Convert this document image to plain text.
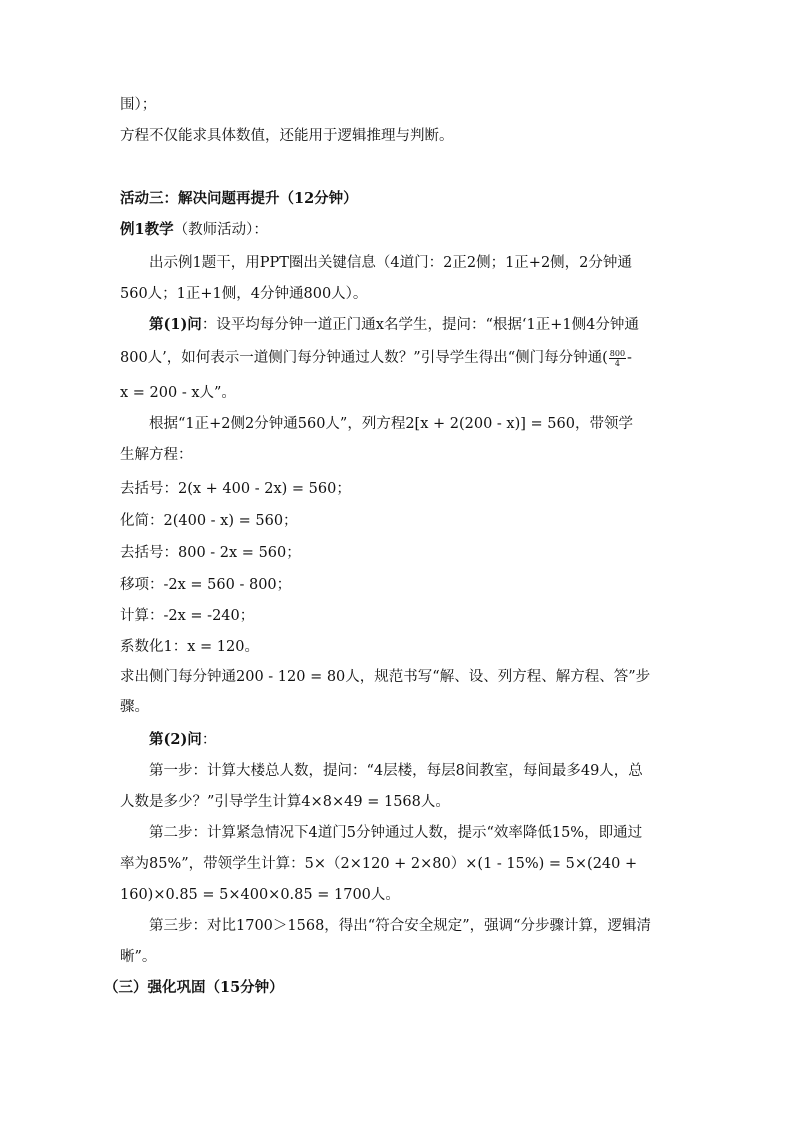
围）；
方程不仅能求具体数值，还能用于逻辑推理与判断。
活动三：解决问题再提升（12分钟）
例1教学（教师活动）：
出示例1题干，用PPT圈出关键信息（4道门：2正2侧；1正+2侧，2分钟通
560人；1正+1侧，4分钟通800人）。
第(1)问：设平均每分钟一道正门通x名学生，提问：“根据‘1正+1侧4分钟通
800人’，如何表示一道侧门每分钟通过人数？”引导学生得出“侧门每分钟通( $\frac{800}{4}$ -
x = 200 - x人”。
根据“1正+2侧2分钟通560人”，列方程2[x + 2(200 - x)] = 560，带领学
生解方程：
去括号：2(x + 400 - 2x) = 560；
化简：2(400 - x) = 560；
去括号：800 - 2x = 560；
移项：-2x = 560 - 800；
计算：-2x = -240；
系数化1：x = 120。
求出侧门每分钟通200 - 120 = 80人，规范书写“解、设、列方程、解方程、答”步
骤。
第(2)问：
第一步：计算大楼总人数，提问：“4层楼，每层8间教室，每间最多49人，总
人数是多少？”引导学生计算4×8×49 = 1568人。
第二步：计算紧急情况下4道门5分钟通过人数，提示“效率降低15%，即通过
率为85%”，带领学生计算：5×（2×120 + 2×80）×(1 - 15%) = 5×(240 +
160)×0.85 = 5×400×0.85 = 1700人。
第三步：对比1700＞1568，得出“符合安全规定”，强调“分步骤计算，逻辑清
晰”。
（三）强化巩固（15分钟）
